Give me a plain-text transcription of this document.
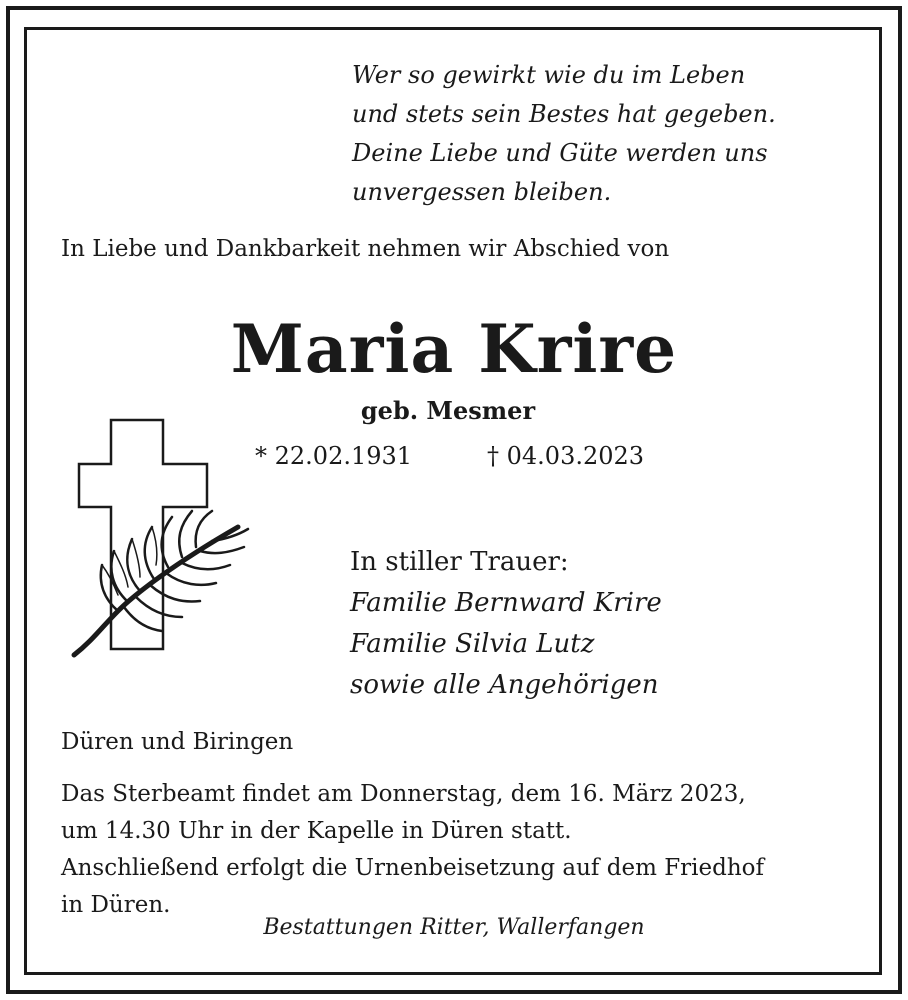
Wer so gewirkt wie du im Leben
und stets sein Bestes hat gegeben.
Deine Liebe und Güte werden uns
unvergessen bleiben.
In Liebe und Dankbarkeit nehmen wir Abschied von
Maria Krire
geb. Mesmer
* 22.02.1931	† 04.03.2023
In stiller Trauer:
Familie Bernward Krire
Familie Silvia Lutz
sowie alle Angehörigen
Düren und Biringen
Das Sterbeamt findet am Donnerstag, dem 16. März 2023,
um 14.30 Uhr in der Kapelle in Düren statt.
Anschließend erfolgt die Urnenbeisetzung auf dem Friedhof
in Düren.
Bestattungen Ritter, Wallerfangen
